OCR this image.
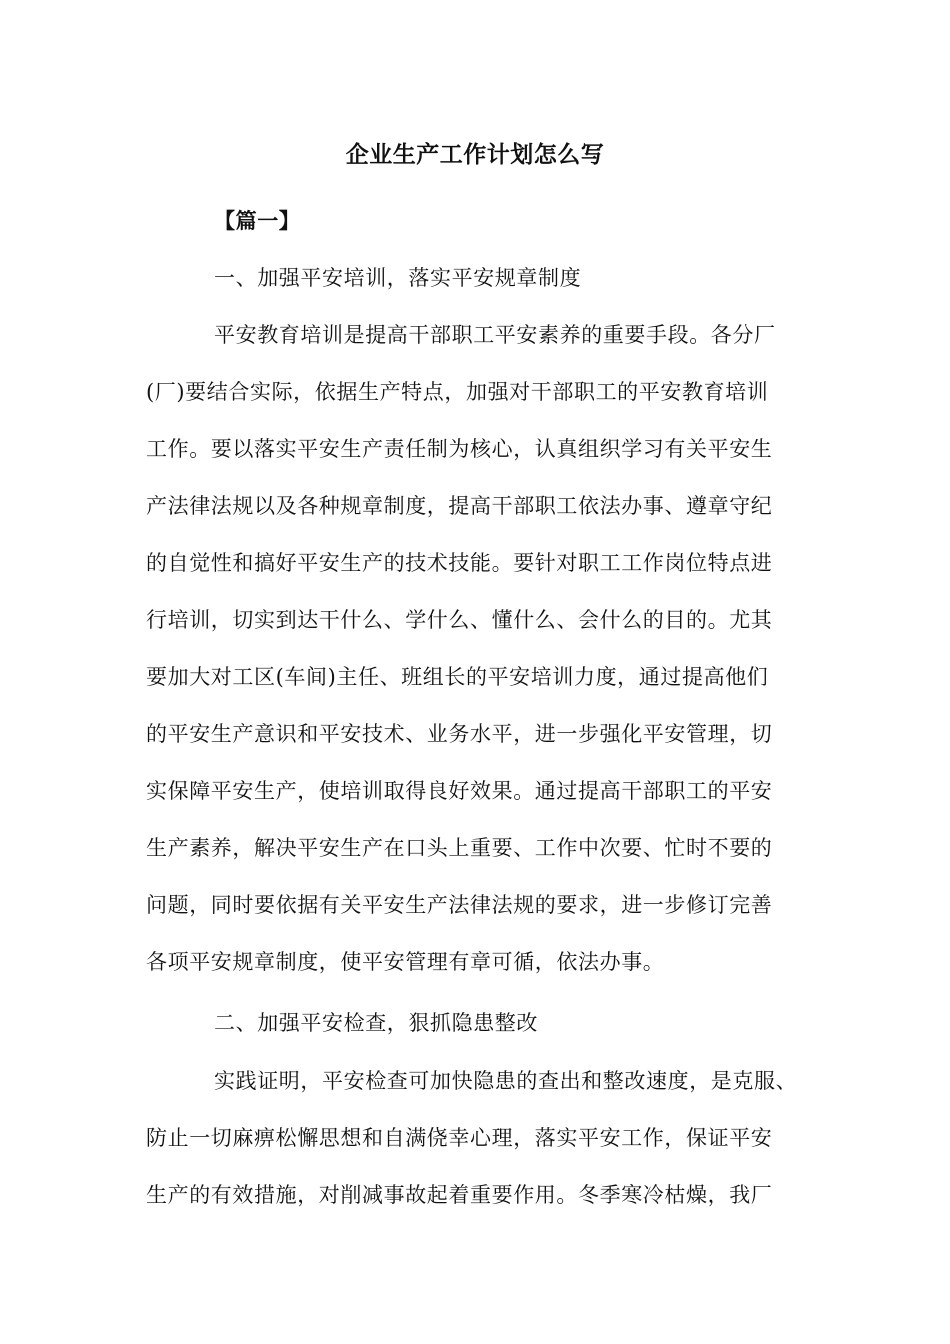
企业生产工作计划怎么写
【篇一】
一、加强平安培训，落实平安规章制度
平安教育培训是提高干部职工平安素养的重要手段。各分厂
(厂)要结合实际，依据生产特点，加强对干部职工的平安教育培训
工作。要以落实平安生产责任制为核心，认真组织学习有关平安生
产法律法规以及各种规章制度，提高干部职工依法办事、遵章守纪
的自觉性和搞好平安生产的技术技能。要针对职工工作岗位特点进
行培训，切实到达干什么、学什么、懂什么、会什么的目的。尤其
要加大对工区(车间)主任、班组长的平安培训力度，通过提高他们
的平安生产意识和平安技术、业务水平，进一步强化平安管理，切
实保障平安生产，使培训取得良好效果。通过提高干部职工的平安
生产素养，解决平安生产在口头上重要、工作中次要、忙时不要的
问题，同时要依据有关平安生产法律法规的要求，进一步修订完善
各项平安规章制度，使平安管理有章可循，依法办事。
二、加强平安检查，狠抓隐患整改
实践证明，平安检查可加快隐患的查出和整改速度，是克服、
防止一切麻痹松懈思想和自满侥幸心理，落实平安工作，保证平安
生产的有效措施，对削减事故起着重要作用。冬季寒冷枯燥，我厂
